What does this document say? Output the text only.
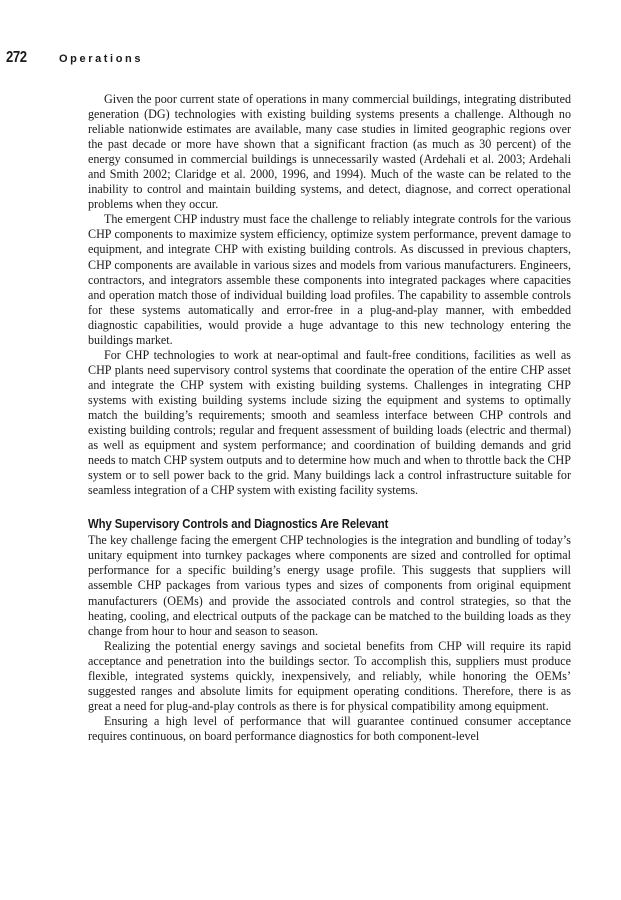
272	Operations

Given the poor current state of operations in many commercial buildings, integrating distributed generation (DG) technologies with existing building systems presents a challenge. Although no reliable nationwide estimates are available, many case studies in limited geographic regions over the past decade or more have shown that a significant fraction (as much as 30 percent) of the energy consumed in commercial buildings is unnecessarily wasted (Ardehali et al. 2003; Ardehali and Smith 2002; Claridge et al. 2000, 1996, and 1994). Much of the waste can be related to the inability to control and maintain building systems, and detect, diagnose, and correct operational problems when they occur.

The emergent CHP industry must face the challenge to reliably integrate controls for the various CHP components to maximize system efficiency, optimize system performance, prevent damage to equipment, and integrate CHP with existing building controls. As discussed in previous chapters, CHP components are available in various sizes and models from various manufacturers. Engineers, contractors, and integrators assemble these components into integrated packages where capacities and operation match those of individual building load profiles. The capability to assemble controls for these systems automatically and error-free in a plug-and-play manner, with embedded diagnostic capabilities, would provide a huge advantage to this new technology entering the buildings market.

For CHP technologies to work at near-optimal and fault-free conditions, facilities as well as CHP plants need supervisory control systems that coordinate the operation of the entire CHP asset and integrate the CHP system with existing building systems. Challenges in integrating CHP systems with existing building systems include sizing the equipment and systems to optimally match the building’s requirements; smooth and seamless interface between CHP controls and existing building controls; regular and frequent assessment of building loads (electric and thermal) as well as equipment and system performance; and coordination of building demands and grid needs to match CHP system outputs and to determine how much and when to throttle back the CHP system or to sell power back to the grid. Many buildings lack a control infrastructure suitable for seamless integration of a CHP system with existing facility systems.

Why Supervisory Controls and Diagnostics Are Relevant

The key challenge facing the emergent CHP technologies is the integration and bundling of today’s unitary equipment into turnkey packages where components are sized and controlled for optimal performance for a specific building’s energy usage profile. This suggests that suppliers will assemble CHP packages from various types and sizes of components from original equipment manufacturers (OEMs) and provide the associated controls and control strategies, so that the heating, cooling, and electrical outputs of the package can be matched to the building loads as they change from hour to hour and season to season.

Realizing the potential energy savings and societal benefits from CHP will require its rapid acceptance and penetration into the buildings sector. To accomplish this, suppliers must produce flexible, integrated systems quickly, inexpensively, and reliably, while honoring the OEMs’ suggested ranges and absolute limits for equipment operating conditions. Therefore, there is as great a need for plug-and-play controls as there is for physical compatibility among equipment.

Ensuring a high level of performance that will guarantee continued consumer acceptance requires continuous, on board performance diagnostics for both component-level
